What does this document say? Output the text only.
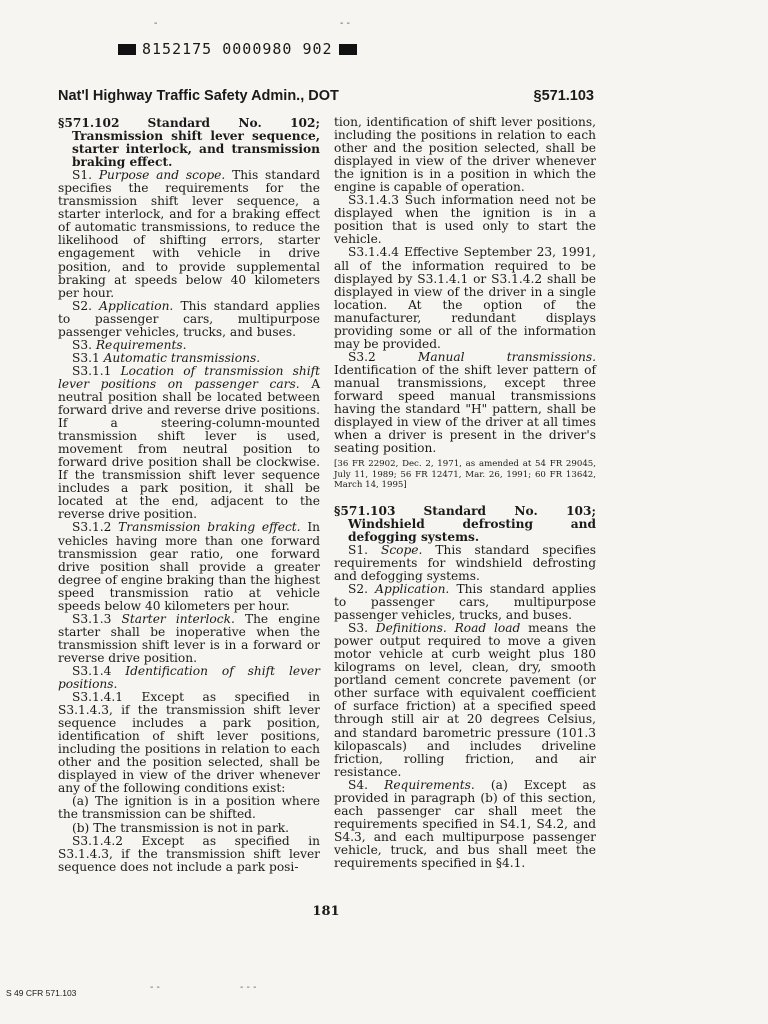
-	- -
8152175 0000980 902
Nat'l Highway Traffic Safety Admin., DOT	§571.103

§571.102 Standard No. 102; Transmission shift lever sequence, starter interlock, and transmission braking effect.

S1. Purpose and scope. This standard specifies the requirements for the transmission shift lever sequence, a starter interlock, and for a braking effect of automatic transmissions, to reduce the likelihood of shifting errors, starter engagement with vehicle in drive position, and to provide supplemental braking at speeds below 40 kilometers per hour.

S2. Application. This standard applies to passenger cars, multipurpose passenger vehicles, trucks, and buses.

S3. Requirements.

S3.1 Automatic transmissions.

S3.1.1 Location of transmission shift lever positions on passenger cars. A neutral position shall be located between forward drive and reverse drive positions. If a steering-column-mounted transmission shift lever is used, movement from neutral position to forward drive position shall be clockwise. If the transmission shift lever sequence includes a park position, it shall be located at the end, adjacent to the reverse drive position.

S3.1.2 Transmission braking effect. In vehicles having more than one forward transmission gear ratio, one forward drive position shall provide a greater degree of engine braking than the highest speed transmission ratio at vehicle speeds below 40 kilometers per hour.

S3.1.3 Starter interlock. The engine starter shall be inoperative when the transmission shift lever is in a forward or reverse drive position.

S3.1.4 Identification of shift lever positions.

S3.1.4.1 Except as specified in S3.1.4.3, if the transmission shift lever sequence includes a park position, identification of shift lever positions, including the positions in relation to each other and the position selected, shall be displayed in view of the driver whenever any of the following conditions exist:

(a) The ignition is in a position where the transmission can be shifted.

(b) The transmission is not in park.

S3.1.4.2 Except as specified in S3.1.4.3, if the transmission shift lever sequence does not include a park posi-

tion, identification of shift lever positions, including the positions in relation to each other and the position selected, shall be displayed in view of the driver whenever the ignition is in a position in which the engine is capable of operation.

S3.1.4.3 Such information need not be displayed when the ignition is in a position that is used only to start the vehicle.

S3.1.4.4 Effective September 23, 1991, all of the information required to be displayed by S3.1.4.1 or S3.1.4.2 shall be displayed in view of the driver in a single location. At the option of the manufacturer, redundant displays providing some or all of the information may be provided.

S3.2	Manual transmissions. Identification of the shift lever pattern of manual transmissions, except three forward speed manual transmissions having the standard "H" pattern, shall be displayed in view of the driver at all times when a driver is present in the driver's seating position.

[36 FR 22902, Dec. 2, 1971, as amended at 54 FR 29045, July 11, 1989; 56 FR 12471, Mar. 26, 1991; 60 FR 13642, March 14, 1995]

§571.103 Standard No. 103; Windshield defrosting and defogging systems.

S1. Scope. This standard specifies requirements for windshield defrosting and defogging systems.

S2. Application. This standard applies to passenger cars, multipurpose passenger vehicles, trucks, and buses.

S3. Definitions. Road load means the power output required to move a given motor vehicle at curb weight plus 180 kilograms on level, clean, dry, smooth portland cement concrete pavement (or other surface with equivalent coefficient of surface friction) at a specified speed through still air at 20 degrees Celsius, and standard barometric pressure (101.3 kilopascals) and includes driveline friction, rolling friction, and air resistance.

S4. Requirements. (a) Except as provided in paragraph (b) of this section, each passenger car shall meet the requirements specified in S4.1, S4.2, and S4.3, and each multipurpose passenger vehicle, truck, and bus shall meet the requirements specified in §4.1.

181
- -	- - -
S 49 CFR 571.103
